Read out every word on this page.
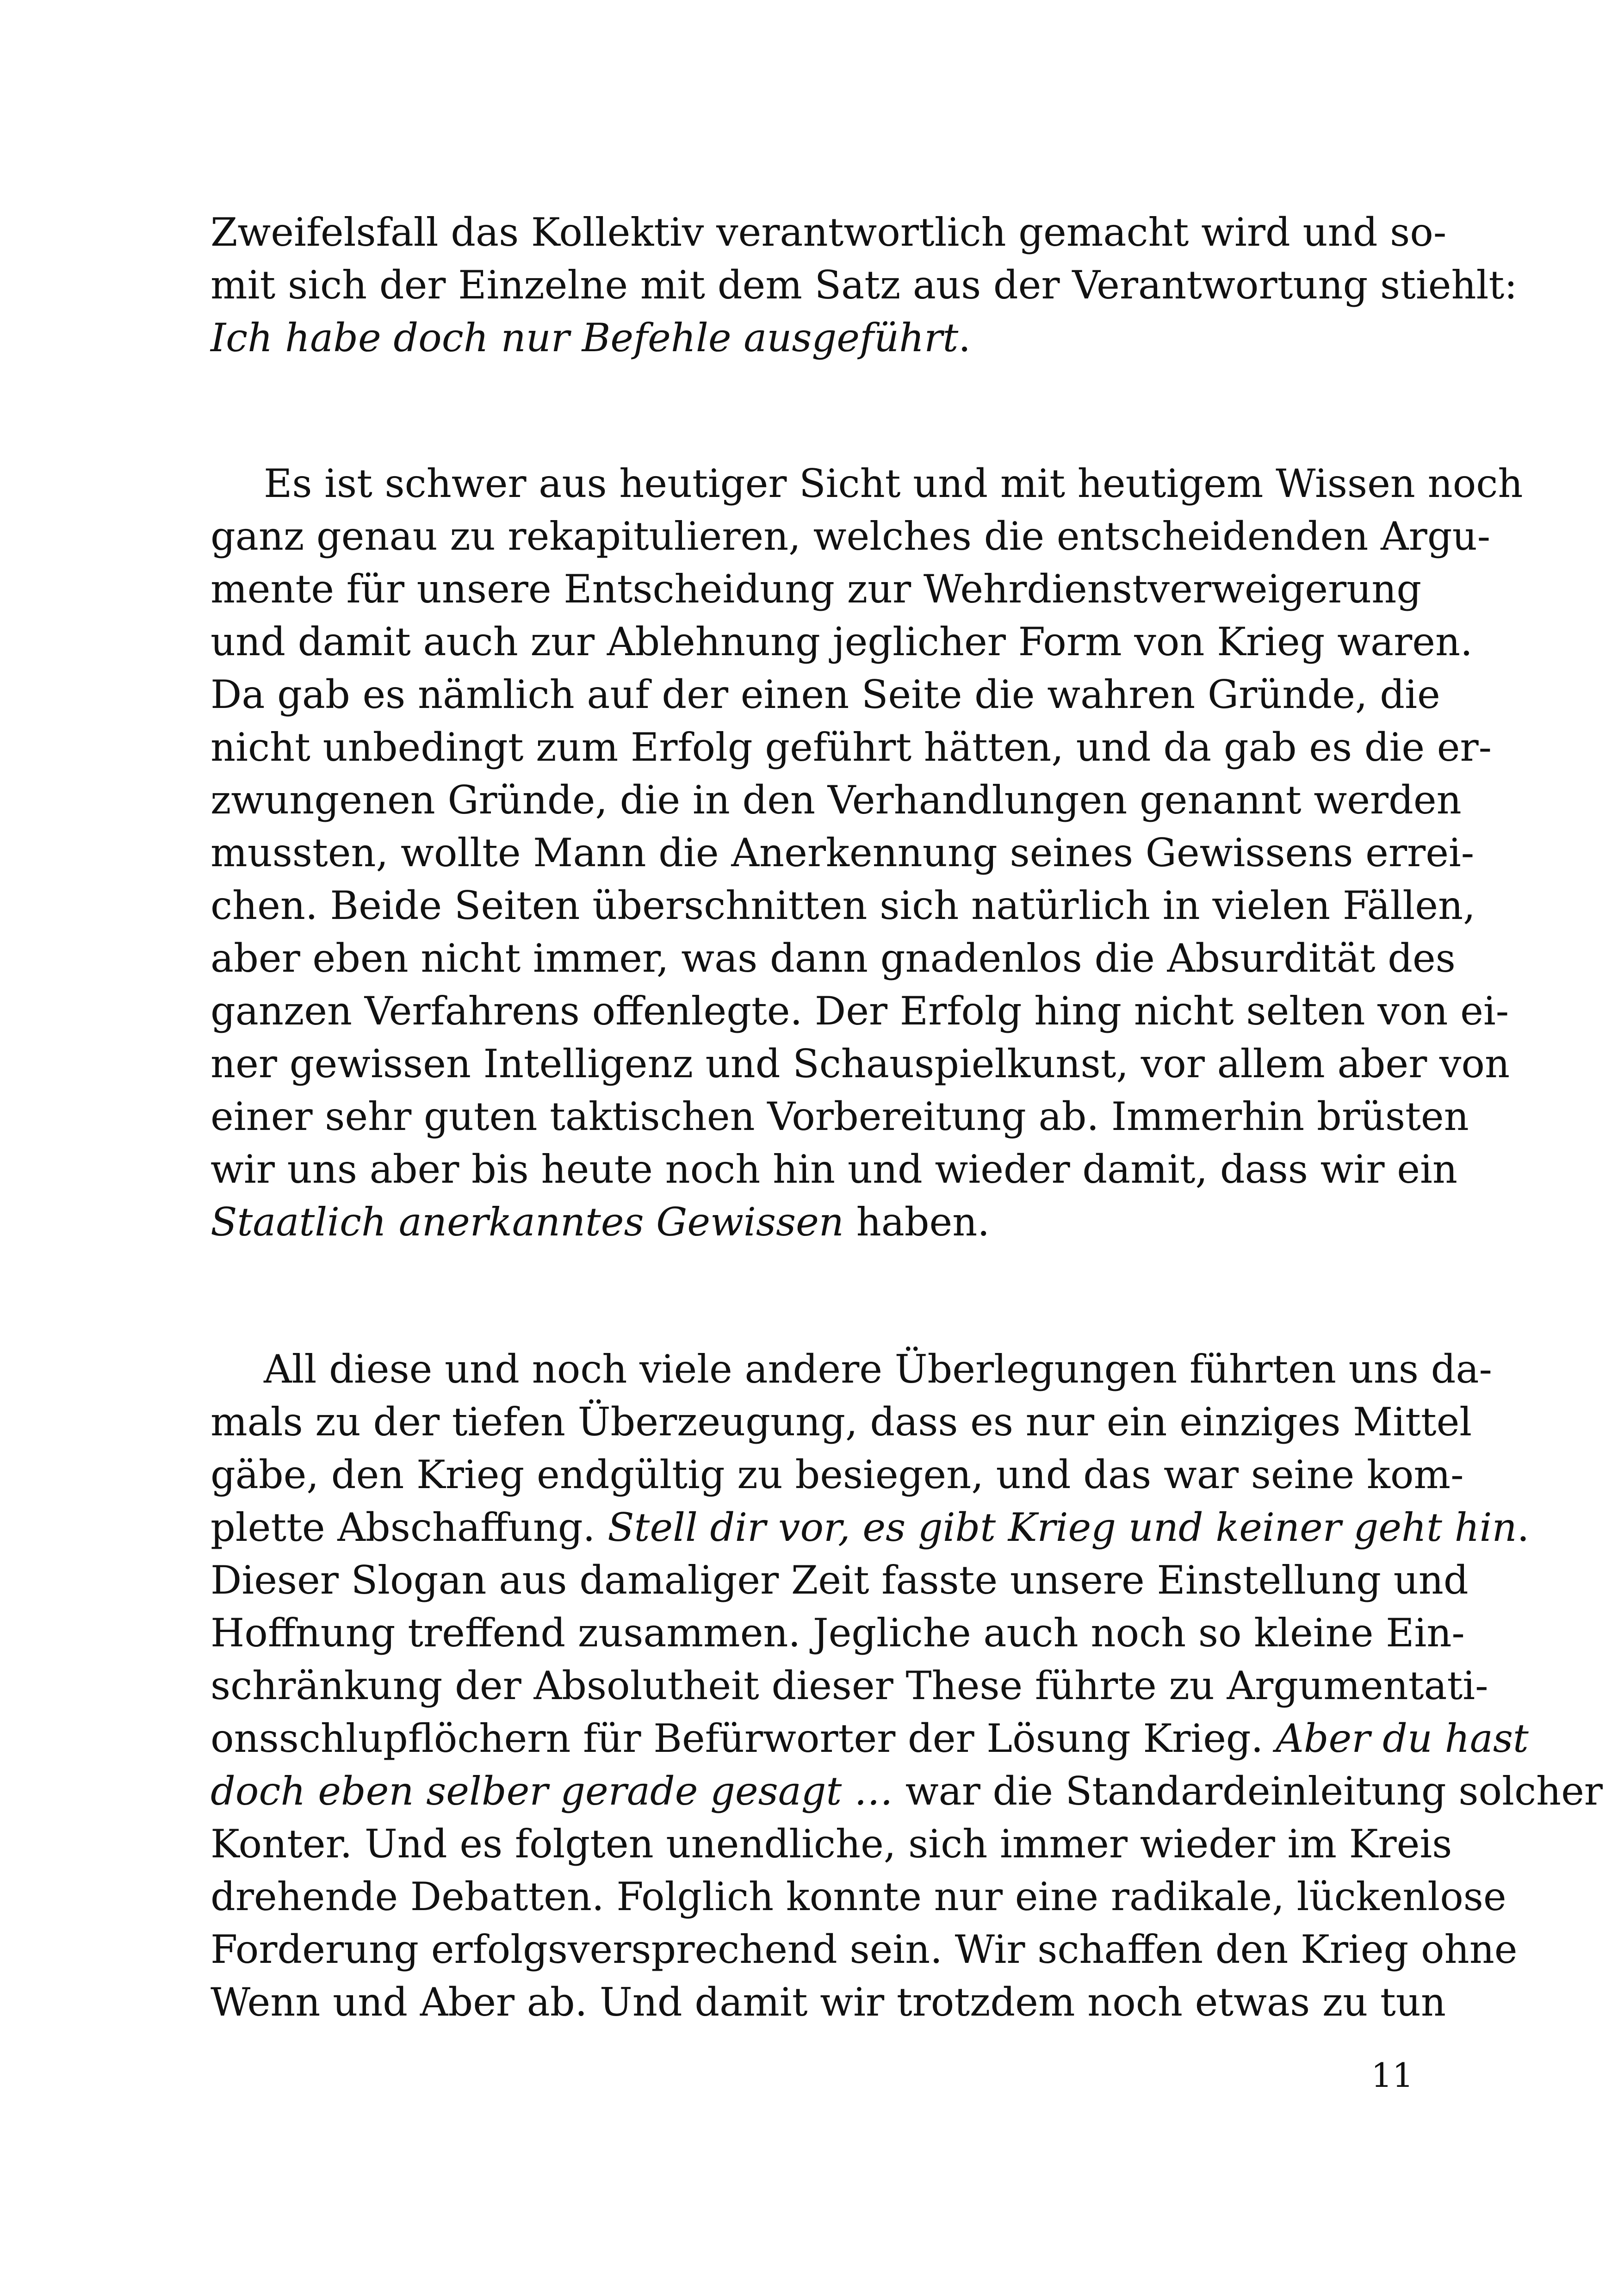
Zweifelsfall das Kollektiv verantwortlich gemacht wird und so-
mit sich der Einzelne mit dem Satz aus der Verantwortung stiehlt:
Ich habe doch nur Befehle ausgeführt.

Es ist schwer aus heutiger Sicht und mit heutigem Wissen noch
ganz genau zu rekapitulieren, welches die entscheidenden Argu-
mente für unsere Entscheidung zur Wehrdienstverweigerung
und damit auch zur Ablehnung jeglicher Form von Krieg waren.
Da gab es nämlich auf der einen Seite die wahren Gründe, die
nicht unbedingt zum Erfolg geführt hätten, und da gab es die er-
zwungenen Gründe, die in den Verhandlungen genannt werden
mussten, wollte Mann die Anerkennung seines Gewissens errei-
chen. Beide Seiten überschnitten sich natürlich in vielen Fällen,
aber eben nicht immer, was dann gnadenlos die Absurdität des
ganzen Verfahrens offenlegte. Der Erfolg hing nicht selten von ei-
ner gewissen Intelligenz und Schauspielkunst, vor allem aber von
einer sehr guten taktischen Vorbereitung ab. Immerhin brüsten
wir uns aber bis heute noch hin und wieder damit, dass wir ein
Staatlich anerkanntes Gewissen haben.

All diese und noch viele andere Überlegungen führten uns da-
mals zu der tiefen Überzeugung, dass es nur ein einziges Mittel
gäbe, den Krieg endgültig zu besiegen, und das war seine kom-
plette Abschaffung. Stell dir vor, es gibt Krieg und keiner geht hin.
Dieser Slogan aus damaliger Zeit fasste unsere Einstellung und
Hoffnung treffend zusammen. Jegliche auch noch so kleine Ein-
schränkung der Absolutheit dieser These führte zu Argumentati-
onsschlupflöchern für Befürworter der Lösung Krieg. Aber du hast
doch eben selber gerade gesagt … war die Standardeinleitung solcher
Konter. Und es folgten unendliche, sich immer wieder im Kreis
drehende Debatten. Folglich konnte nur eine radikale, lückenlose
Forderung erfolgsversprechend sein. Wir schaffen den Krieg ohne
Wenn und Aber ab. Und damit wir trotzdem noch etwas zu tun

11
